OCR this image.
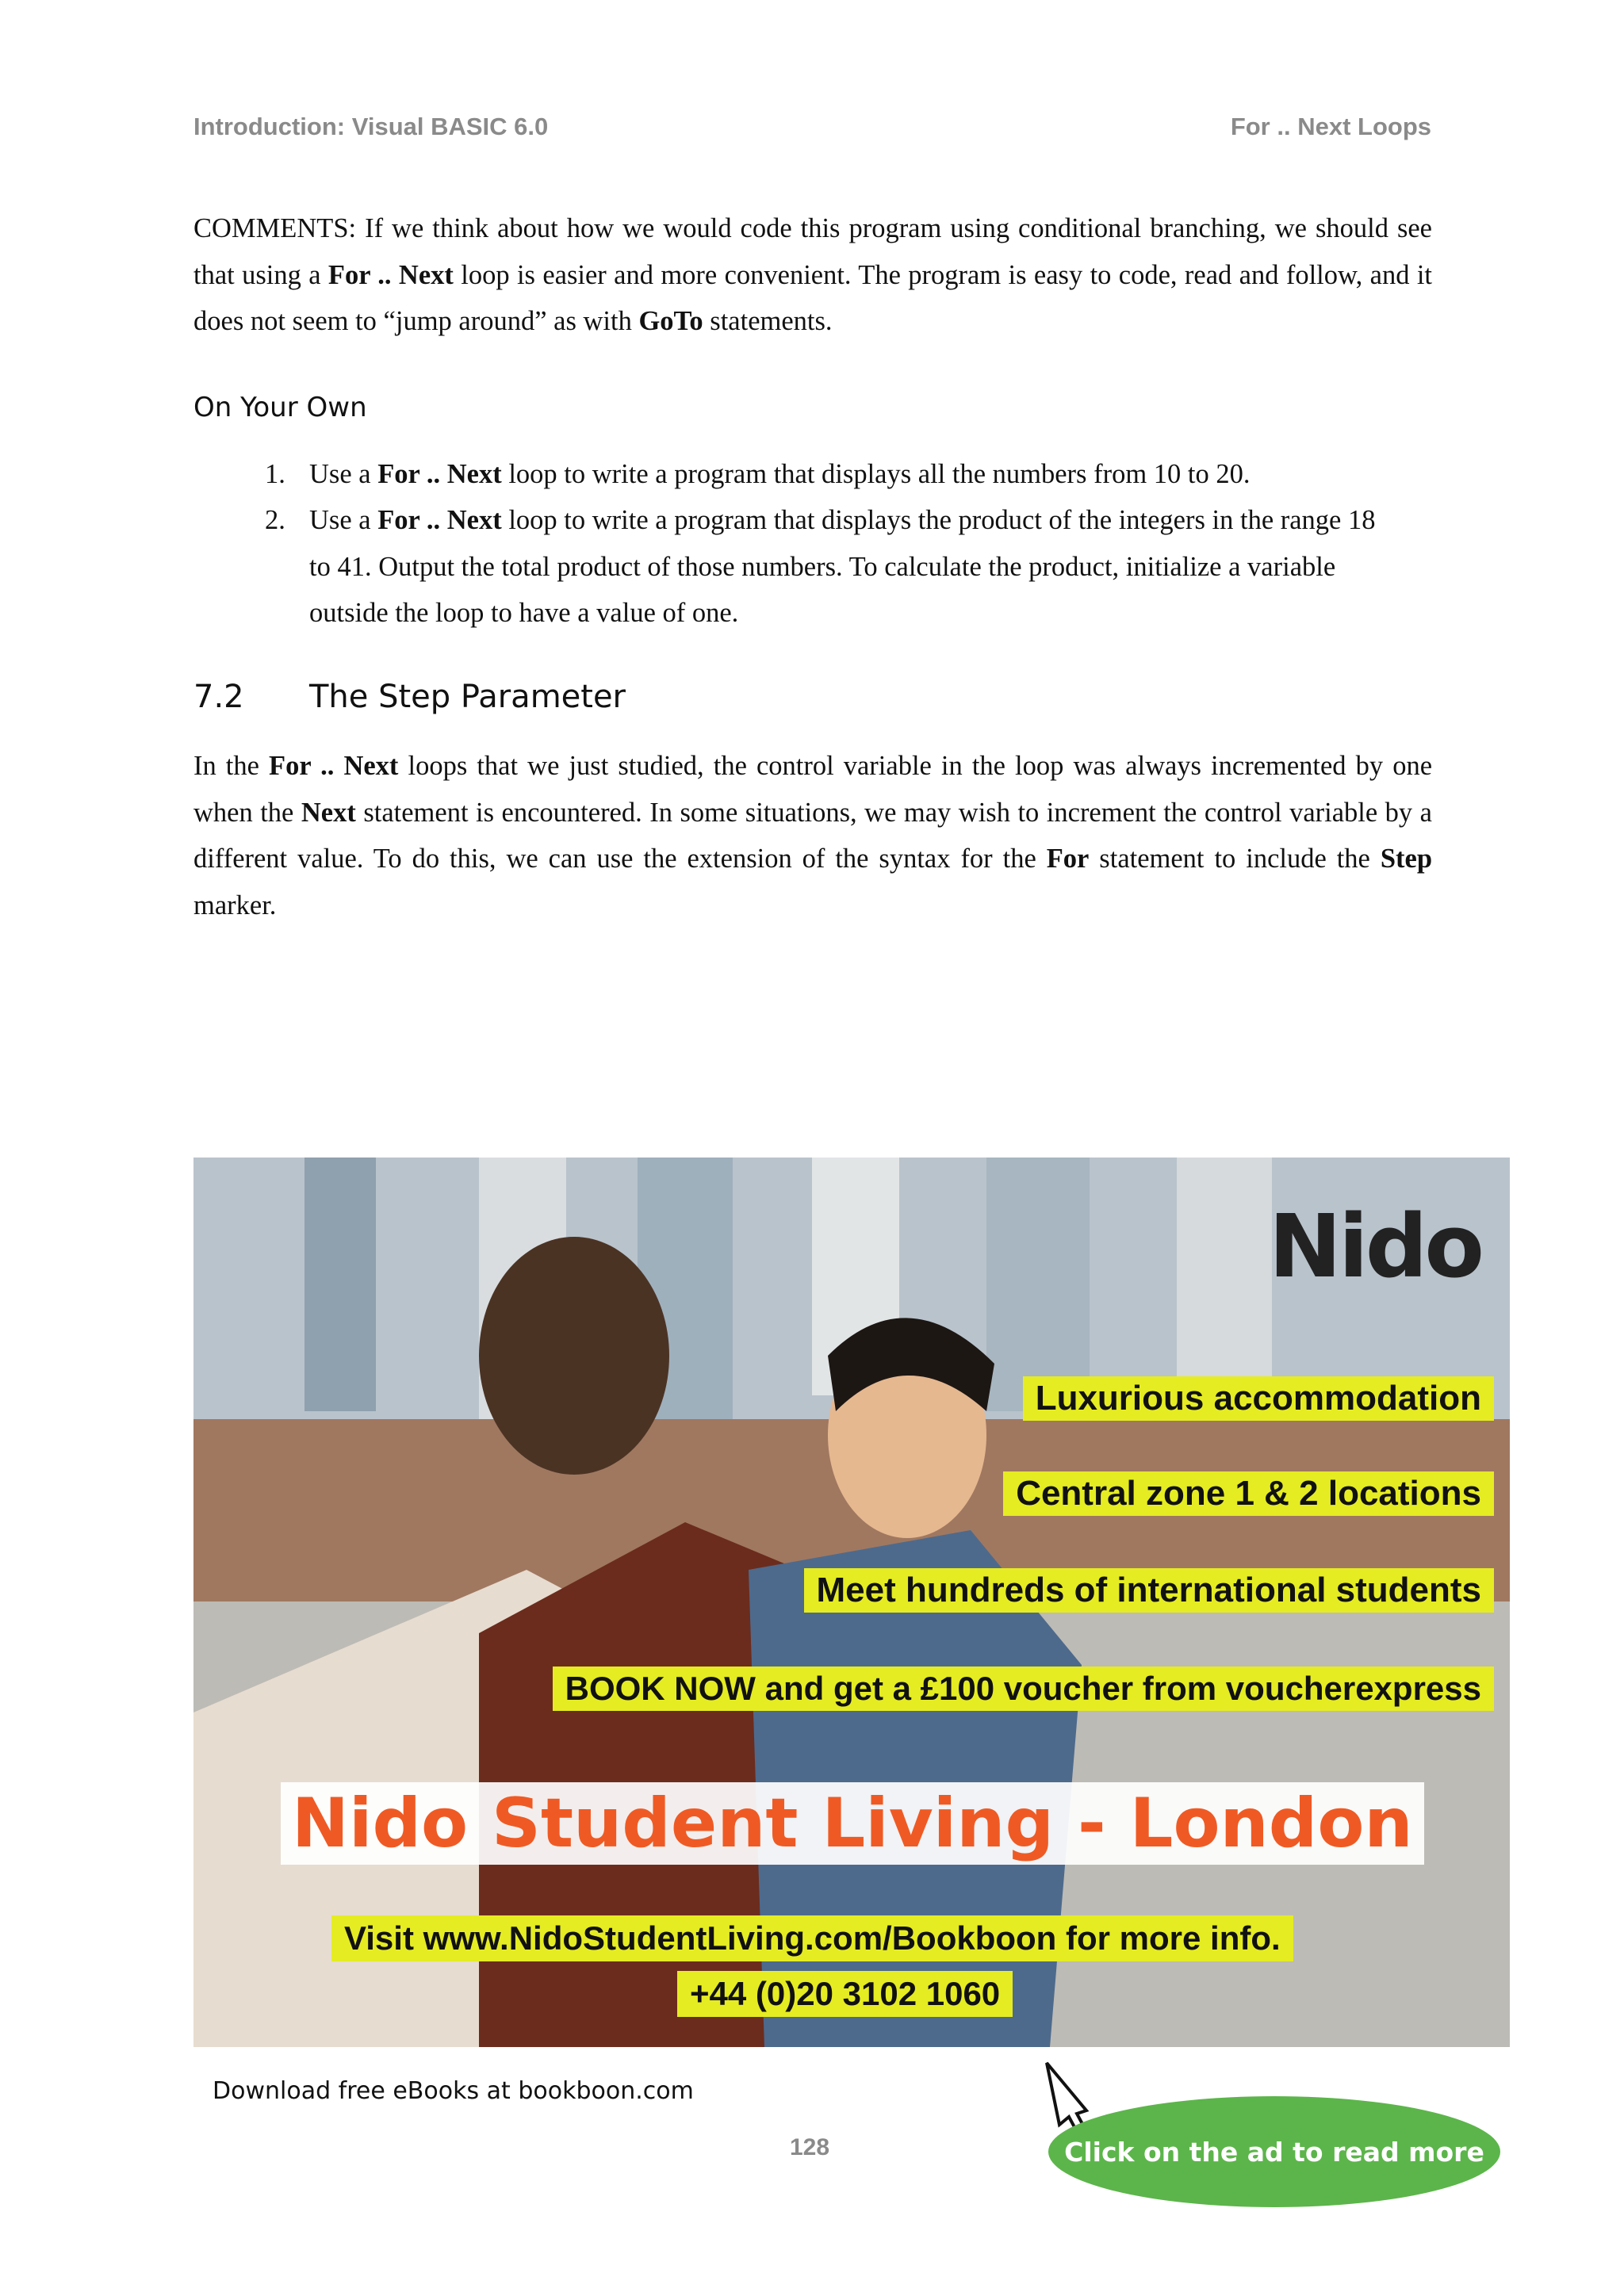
Introduction: Visual BASIC 6.0	For .. Next Loops

COMMENTS: If we think about how we would code this program using conditional branching, we should see that using a For .. Next loop is easier and more convenient. The program is easy to code, read and follow, and it does not seem to “jump around” as with GoTo statements.

On Your Own
1. Use a For .. Next loop to write a program that displays all the numbers from 10 to 20.
2. Use a For .. Next loop to write a program that displays the product of the integers in the range 18 to 41. Output the total product of those numbers. To calculate the product, initialize a variable outside the loop to have a value of one.
7.2 The Step Parameter

In the For .. Next loops that we just studied, the control variable in the loop was always incremented by one when the Next statement is encountered. In some situations, we may wish to increment the control variable by a different value. To do this, we can use the extension of the syntax for the For statement to include the Step marker.

Nido
Luxurious accommodation
Central zone 1 & 2 locations
Meet hundreds of international students
BOOK NOW and get a £100 voucher from voucherexpress
Nido Student Living - London
Visit www.NidoStudentLiving.com/Bookboon for more info.
+44 (0)20 3102 1060
Download free eBooks at bookboon.com
128	Click on the ad to read more
